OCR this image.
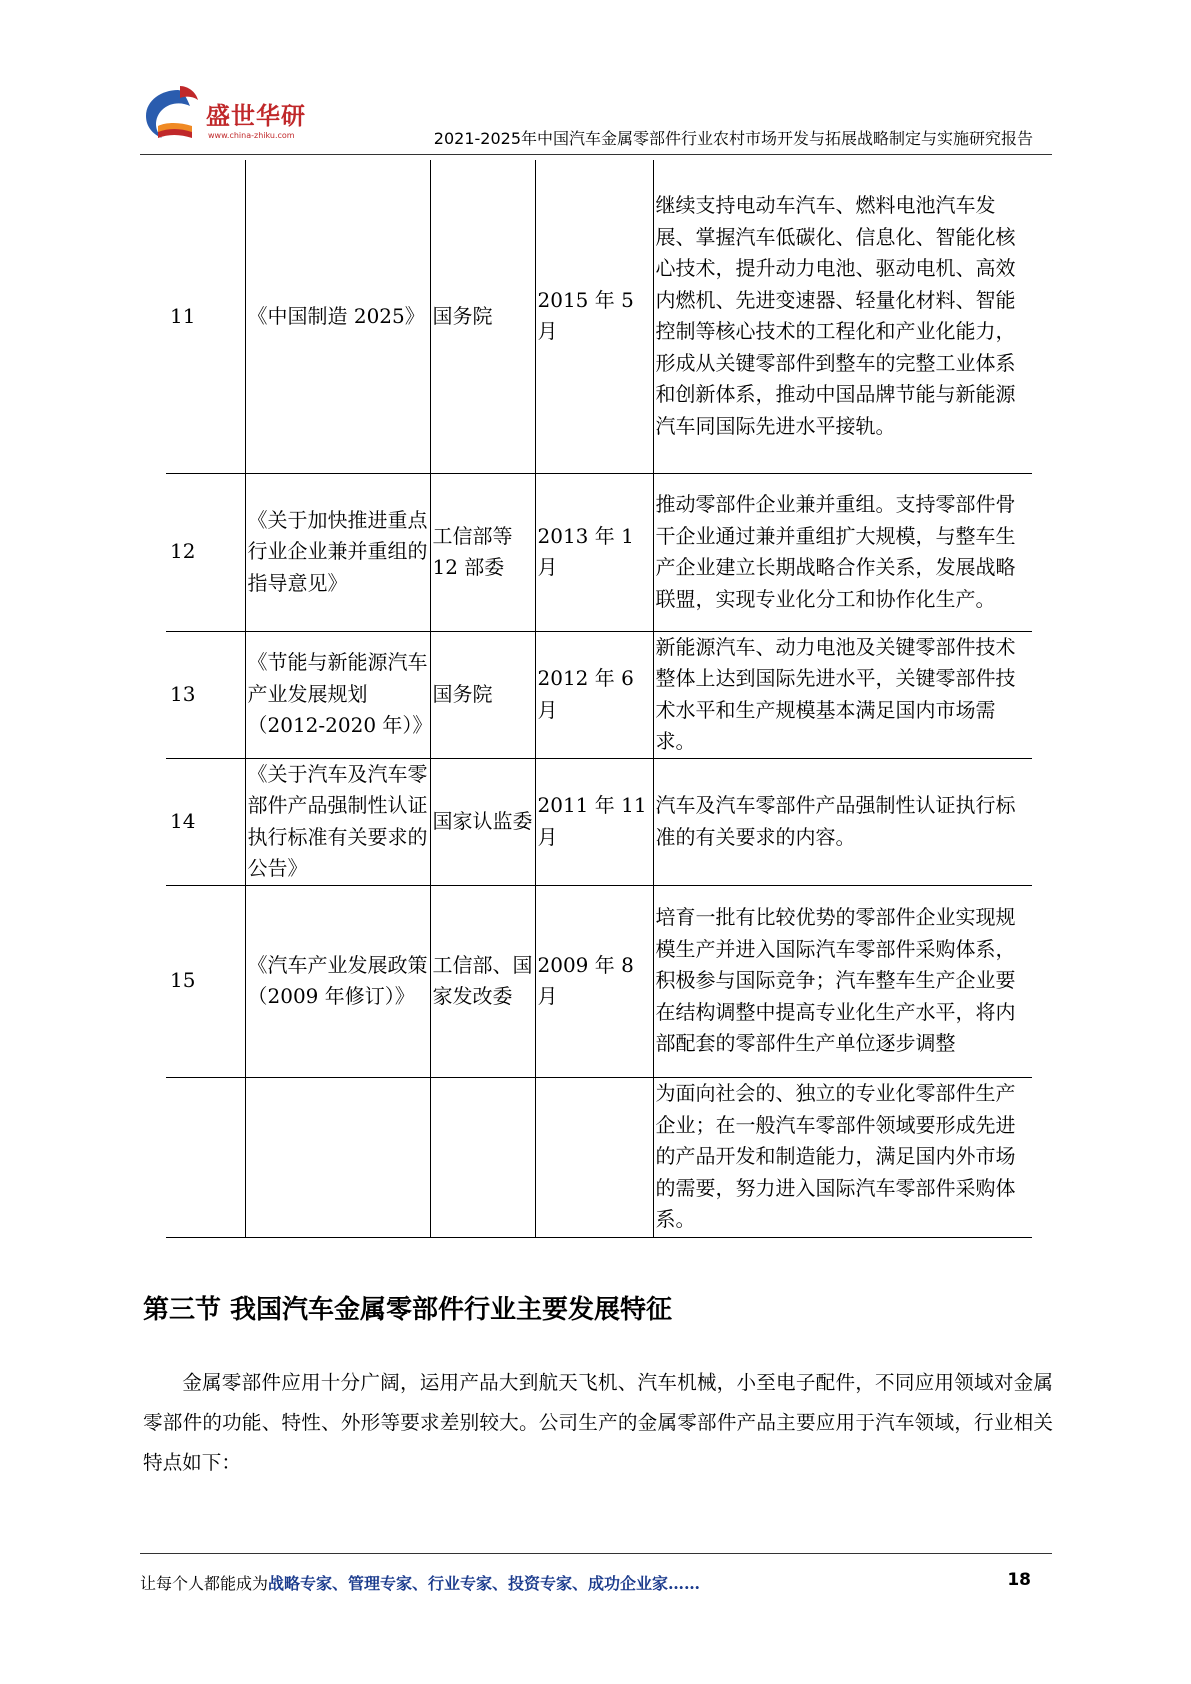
盛世华研
www.china-zhiku.com	2021-2025年中国汽车金属零部件行业农村市场开发与拓展战略制定与实施研究报告
11	《中国制造 2025》	国务院	2015 年 5 月	继续支持电动车汽车、燃料电池汽车发展、掌握汽车低碳化、信息化、智能化核心技术，提升动力电池、驱动电机、高效内燃机、先进变速器、轻量化材料、智能控制等核心技术的工程化和产业化能力，形成从关键零部件到整车的完整工业体系和创新体系，推动中国品牌节能与新能源汽车同国际先进水平接轨。
12	《关于加快推进重点行业企业兼并重组的指导意见》	工信部等 12 部委	2013 年 1 月	推动零部件企业兼并重组。支持零部件骨干企业通过兼并重组扩大规模，与整车生产企业建立长期战略合作关系，发展战略联盟，实现专业化分工和协作化生产。
13	《节能与新能源汽车产业发展规划（2012-2020 年）》	国务院	2012 年 6 月	新能源汽车、动力电池及关键零部件技术整体上达到国际先进水平，关键零部件技术水平和生产规模基本满足国内市场需求。
14	《关于汽车及汽车零部件产品强制性认证执行标准有关要求的公告》	国家认监委	2011 年 11 月	汽车及汽车零部件产品强制性认证执行标准的有关要求的内容。
15	《汽车产业发展政策（2009 年修订）》	工信部、国家发改委	2009 年 8 月	培育一批有比较优势的零部件企业实现规模生产并进入国际汽车零部件采购体系，积极参与国际竞争；汽车整车生产企业要在结构调整中提高专业化生产水平，将内部配套的零部件生产单位逐步调整
				为面向社会的、独立的专业化零部件生产企业；在一般汽车零部件领域要形成先进的产品开发和制造能力，满足国内外市场的需要，努力进入国际汽车零部件采购体系。
第三节 我国汽车金属零部件行业主要发展特征
金属零部件应用十分广阔，运用产品大到航天飞机、汽车机械，小至电子配件，不同应用领域对金属零部件的功能、特性、外形等要求差别较大。公司生产的金属零部件产品主要应用于汽车领域，行业相关特点如下：
让每个人都能成为战略专家、管理专家、行业专家、投资专家、成功企业家……	18
